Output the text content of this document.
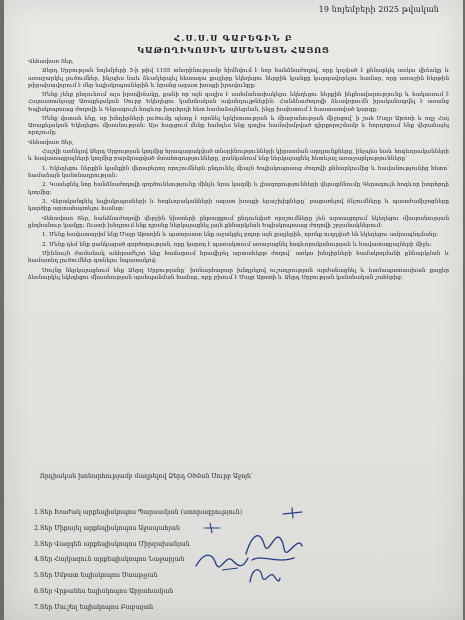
19 նոյեմբերի 2025 թվական
Հ.Ս.Ս.Ս ԳԱՐԵԳԻՆ Բ
ԿԱԹՈՂԻԿՈՍԻՆ ԱՄԵՆԱՅՆ ՀԱՅՈՑ

Վեհափառ Տեր,

Ձերդ Սրբության նոյեմբերի 5-ի թիվ 1105 տնօրինությամբ հիմնվում է նոր հանձնաժողով, որը կոչված է քննարկել առկա վիճակը և առաջարկել լուծումներ, ինչպես նաև ձևակերպել հետագա քայլերը եկեղեցու ներքին կյանքը կարգավորելու համար, որը առաջին հերթին թիրախավորում է մեր եպիսկոպոսներին և նրանց ազատ խոսքի իրավունքը։

Մենք չենք ընդունում այս իրավիճակը, քանի որ այն գալիս է սահմանափակելու եկեղեցու ներքին ինքնավարությունը և հակասում է Հայաստանյայց Առաքելական Սուրբ Եկեղեցու կանոնական ավանդույթներին։ Հանձնաժողովի ձևավորումն իրականացվել է առանց Եպիսկոպոսաց ժողովի և Գերագույն հոգևոր խորհրդի հետ համաձայնեցման, ինչը խախտում է հաստատված կարգը։

Մենք վստահ ենք, որ խնդիրների լուծումը պետք է որոնել երկխոսության և միաբանության միջոցով՝ ի շահ Մայր Աթոռի և ողջ Հայ Առաքելական Եկեղեցու միասնության։ Այս հարցում մենք հանդես ենք գալիս համախմբված դիրքորոշմամբ և հորդորում ենք վերանայել որոշումը։

Վեհափառ Տեր,

Հաշվի առնելով Ձերդ Սրբության կողմից հրապարակված տնօրինությունների կիրառման արդյունքները, ինչպես նաև հոգևորականների և հավատացյալների կողմից բարձրացված մտահոգությունները, ցանկանում ենք ներկայացնել հետևյալ առաջարկությունները՝

1. Եկեղեցու ներքին կյանքին վերաբերող որոշումներն ընդունել միայն Եպիսկոպոսաց ժողովի քննարկումից և հավանությունից հետո՝ համաձայն կանոնադրության։

2. Կասեցնել նոր հանձնաժողովի գործունեությունը մինչև նրա կազմի և լիազորությունների վերաքննումը Գերագույն հոգևոր խորհրդի կողմից։

3. Վերականգնել եպիսկոպոսների և հոգևորականների ազատ խոսքի երաշխիքները՝ բացառելով ճնշումները և պատժամիջոցները կարծիք արտահայտելու համար։

Վեհափառ Տեր, հանձնաժողովի վերջին նիստերի ընթացքում ընդունված որոշումները չեն արտացոլում եկեղեցու միաբանության ընդհանուր կամքը։ Ուստի խնդրում ենք դրանք ներկայացնել լայն քննարկման Եպիսկոպոսաց ժողովի շրջանակներում։

1. Մենք հավատարիմ ենք Մայր Աթոռին և պատրաստ ենք աջակցել բոլոր այն քայլերին, որոնք ուղղված են եկեղեցու ամրապնդմանը։

2. Մենք դեմ ենք ցանկացած գործողության, որը կարող է պառակտում առաջացնել հոգևորականության և հավատացյալների միջև։

Միևնույն ժամանակ անհրաժեշտ ենք համարում հրավիրել արտահերթ ժողով՝ առկա խնդիրների համակողմանի քննարկման և համատեղ լուծումներ գտնելու նպատակով։

Սույնը ներկայացնում ենք Ձերդ Սրբությանը՝ խոնարհաբար խնդրելով ուշադրության արժանացնել և համապատասխան քայլեր ձեռնարկել եկեղեցու միասնության պահպանման համար, որը բխում է Մայր Աթոռի և Ձերդ Սրբության կանոնական շահերից։

Որդիական խոնարհությամբ մաղթելով Ձերդ Օծման Սուրբ Աջոյն՝
1.Տեր Խաժակ արքեպիսկոպոս Պարսամյան (ստորագրություն)
2.Տեր Միքայել արքեպիսկոպոս Աջապահյան
3.Տեր Վազգեն արքեպիսկոպոս Միրզախանյան
4.Տեր Հայկազուն արքեպիսկոպոս Նաջարյան
5.Տեր Սմբատ եպիսկոպոս Սաաթչյան
6.Տեր Վրթանես եպիսկոպոս Աբրահամյան
7.Տեր Մուշեղ եպիսկոպոս Բաբայան
